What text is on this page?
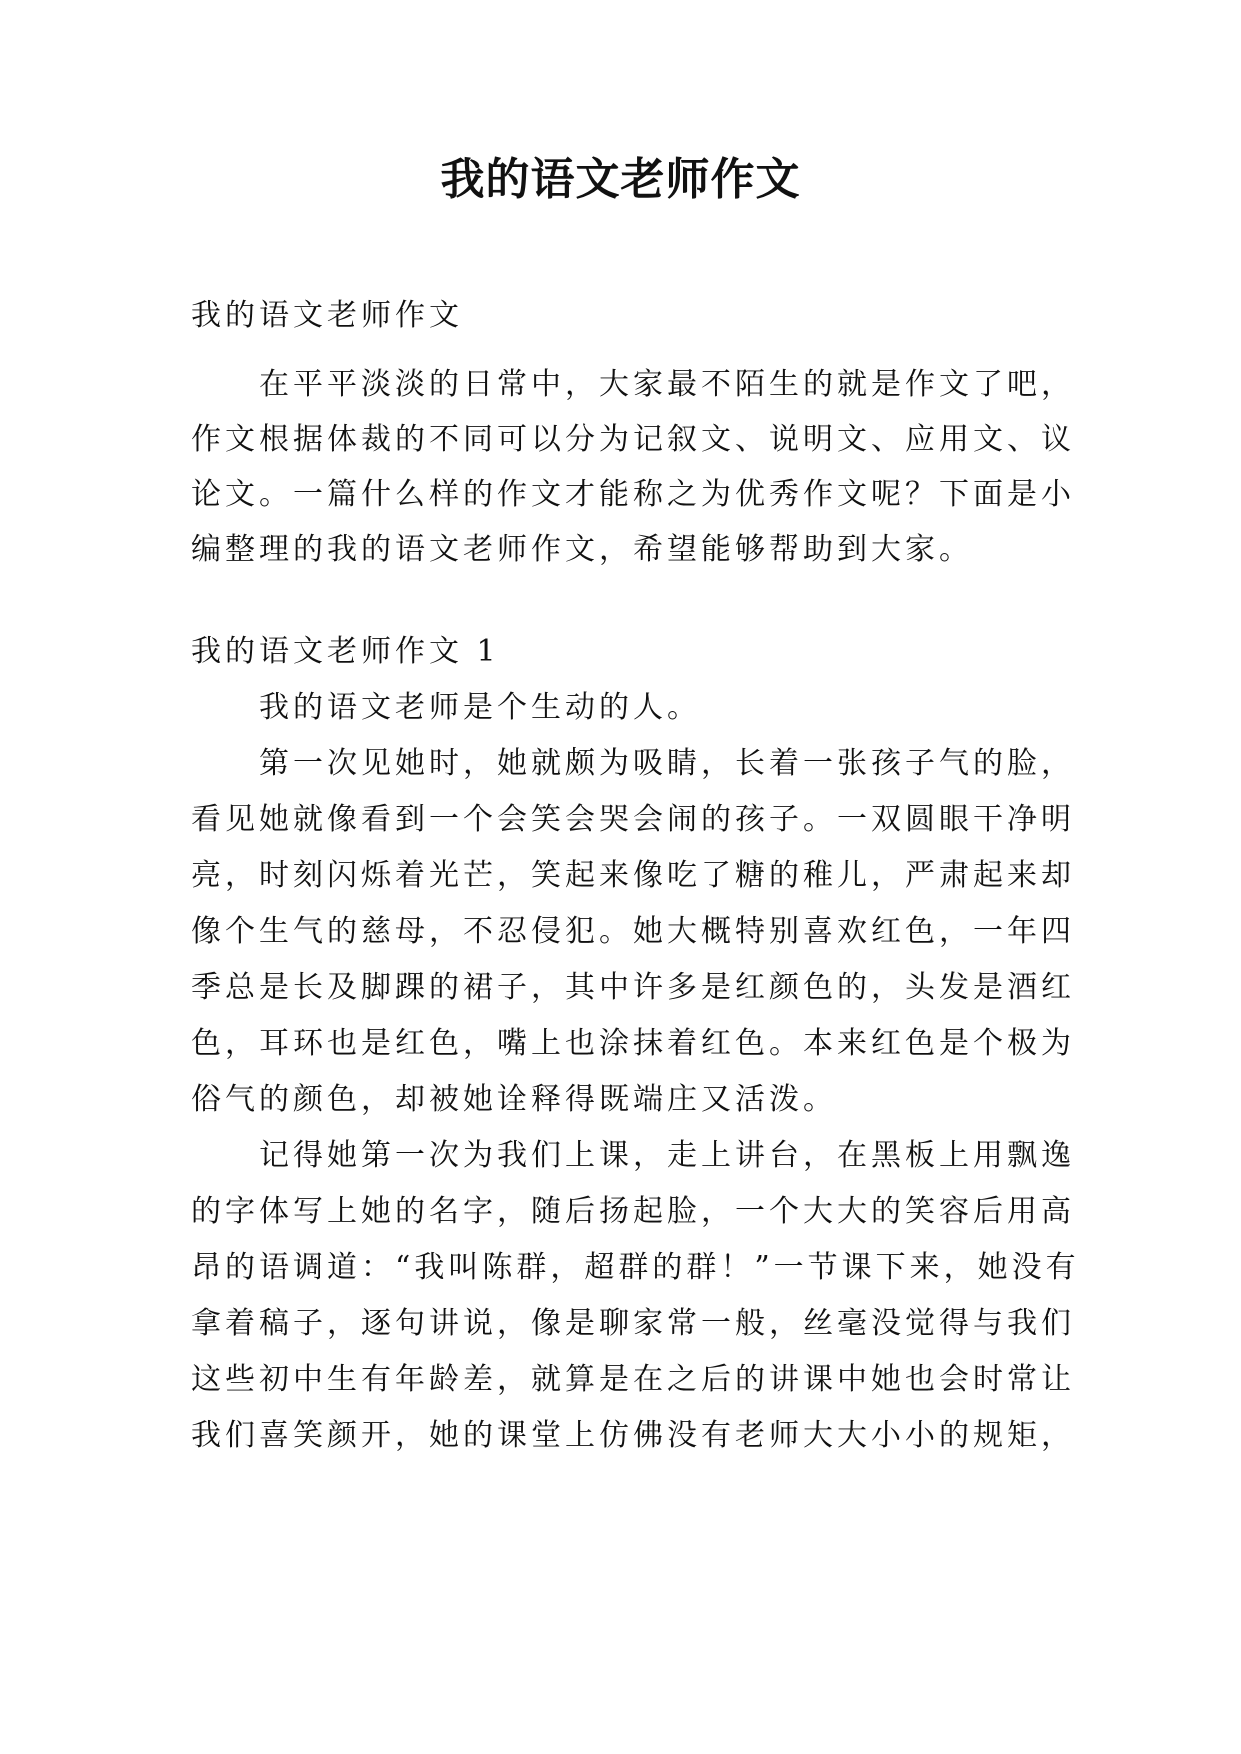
我的语文老师作文
我的语文老师作文
在平平淡淡的日常中，大家最不陌生的就是作文了吧，
作文根据体裁的不同可以分为记叙文、说明文、应用文、议
论文。一篇什么样的作文才能称之为优秀作文呢？下面是小
编整理的我的语文老师作文，希望能够帮助到大家。
我的语文老师作文 1
我的语文老师是个生动的人。
第一次见她时，她就颇为吸睛，长着一张孩子气的脸，
看见她就像看到一个会笑会哭会闹的孩子。一双圆眼干净明
亮，时刻闪烁着光芒，笑起来像吃了糖的稚儿，严肃起来却
像个生气的慈母，不忍侵犯。她大概特别喜欢红色，一年四
季总是长及脚踝的裙子，其中许多是红颜色的，头发是酒红
色，耳环也是红色，嘴上也涂抹着红色。本来红色是个极为
俗气的颜色，却被她诠释得既端庄又活泼。
记得她第一次为我们上课，走上讲台，在黑板上用飘逸
的字体写上她的名字，随后扬起脸，一个大大的笑容后用高
昂的语调道：“我叫陈群，超群的群！”一节课下来，她没有
拿着稿子，逐句讲说，像是聊家常一般，丝毫没觉得与我们
这些初中生有年龄差，就算是在之后的讲课中她也会时常让
我们喜笑颜开，她的课堂上仿佛没有老师大大小小的规矩，
